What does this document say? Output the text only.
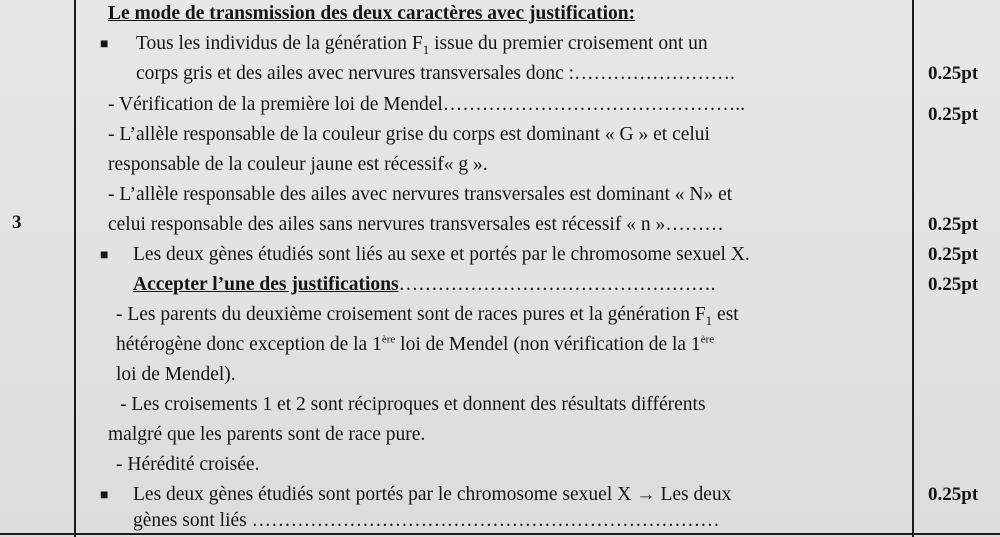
3
Le mode de transmission des deux caractères avec justification:
■ Tous les individus de la génération $F_1$ issue du premier croisement ont un
corps gris et des ailes avec nervures transversales donc :…………………….
- Vérification de la première loi de Mendel………………………………………..
- L’allèle responsable de la couleur grise du corps est dominant « G » et celui
responsable de la couleur jaune est récessif« g ».
- L’allèle responsable des ailes avec nervures transversales est dominant « N» et
celui responsable des ailes sans nervures transversales est récessif « n »………
■ Les deux gènes étudiés sont liés au sexe et portés par le chromosome sexuel X.
Accepter l’une des justifications………………………………………….
- Les parents du deuxième croisement sont de races pures et la génération $F_1$ est
hétérogène donc exception de la 1ère loi de Mendel (non vérification de la 1ère
loi de Mendel).
- Les croisements 1 et 2 sont réciproques et donnent des résultats différents
malgré que les parents sont de race pure.
- Hérédité croisée.
■ Les deux gènes étudiés sont portés par le chromosome sexuel X → Les deux
gènes sont liés ………………………………………………………………
0.25pt
0.25pt
0.25pt
0.25pt
0.25pt
0.25pt
